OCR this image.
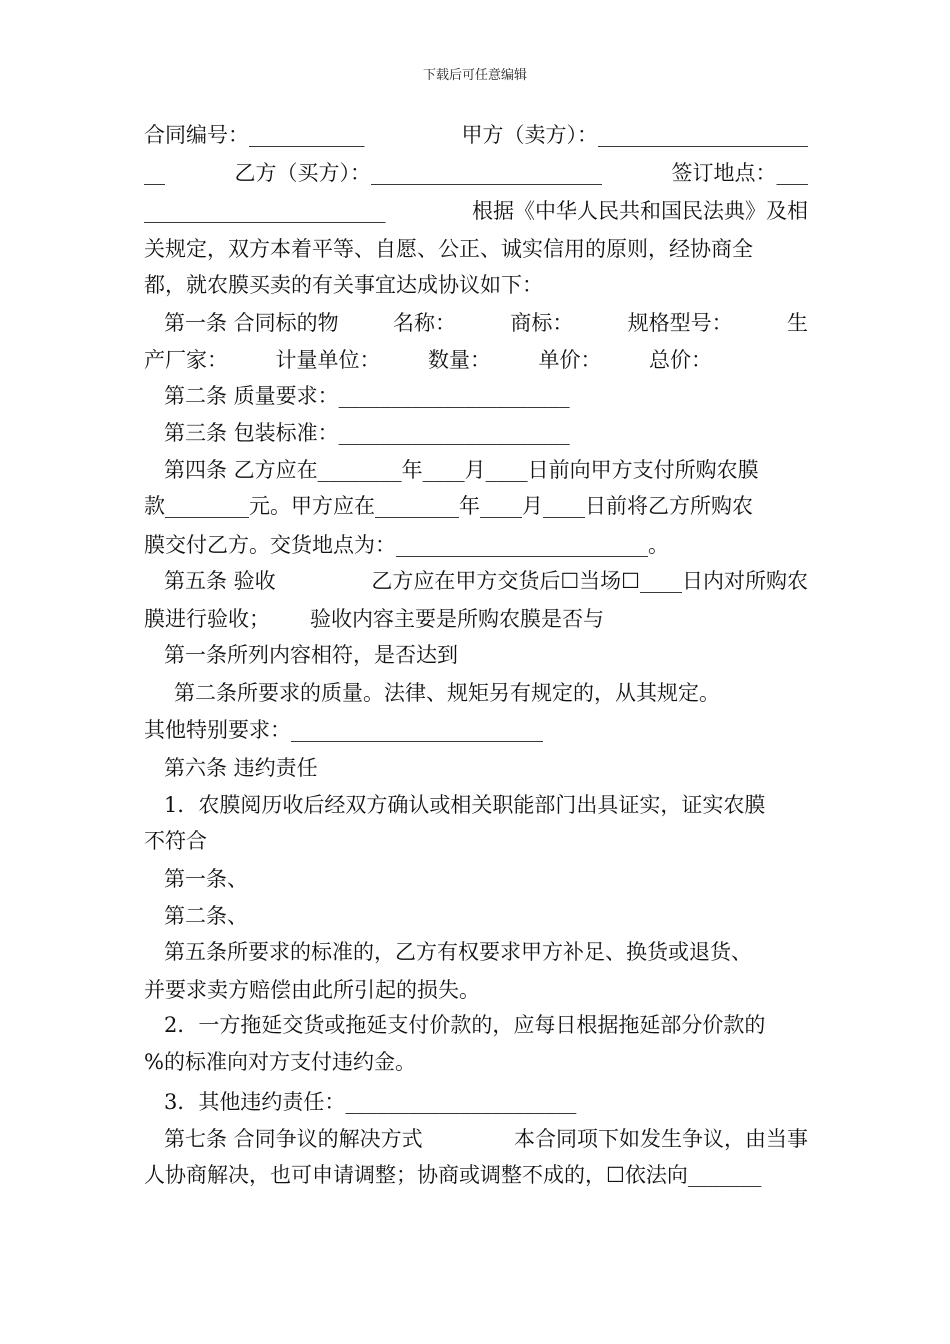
下载后可任意编辑
合同编号：___________	甲方（卖方）：____________________
__	乙方（买方）：______________________	签订地点：___
_______________________	根据《中华人民共和国民法典》及相
关规定，双方本着平等、自愿、公正、诚实信用的原则，经协商全
都，就农膜买卖的有关事宜达成协议如下：
第一条 合同标的物	名称：	商标：	规格型号：	生
产厂家： 计量单位： 数量： 单价： 总价：
第二条 质量要求：______________________
第三条 包装标准：______________________
第四条 乙方应在________年____月____日前向甲方支付所购农膜
款________元。甲方应在________年____月____日前将乙方所购农
膜交付乙方。交货地点为：________________________。
第五条 验收	乙方应在甲方交货后☐当场☐____日内对所购农
膜进行验收； 验收内容主要是所购农膜是否与
第一条所列内容相符，是否达到
第二条所要求的质量。法律、规矩另有规定的，从其规定。
其他特别要求：________________________
第六条 违约责任
1．农膜阅历收后经双方确认或相关职能部门出具证实，证实农膜
不符合
第一条、
第二条、
第五条所要求的标准的，乙方有权要求甲方补足、换货或退货、
并要求卖方赔偿由此所引起的损失。
2．一方拖延交货或拖延支付价款的，应每日根据拖延部分价款的
%的标准向对方支付违约金。
3．其他违约责任：______________________
第七条 合同争议的解决方式	本合同项下如发生争议，由当事
人协商解决，也可申请调整；协商或调整不成的，☐依法向_______
